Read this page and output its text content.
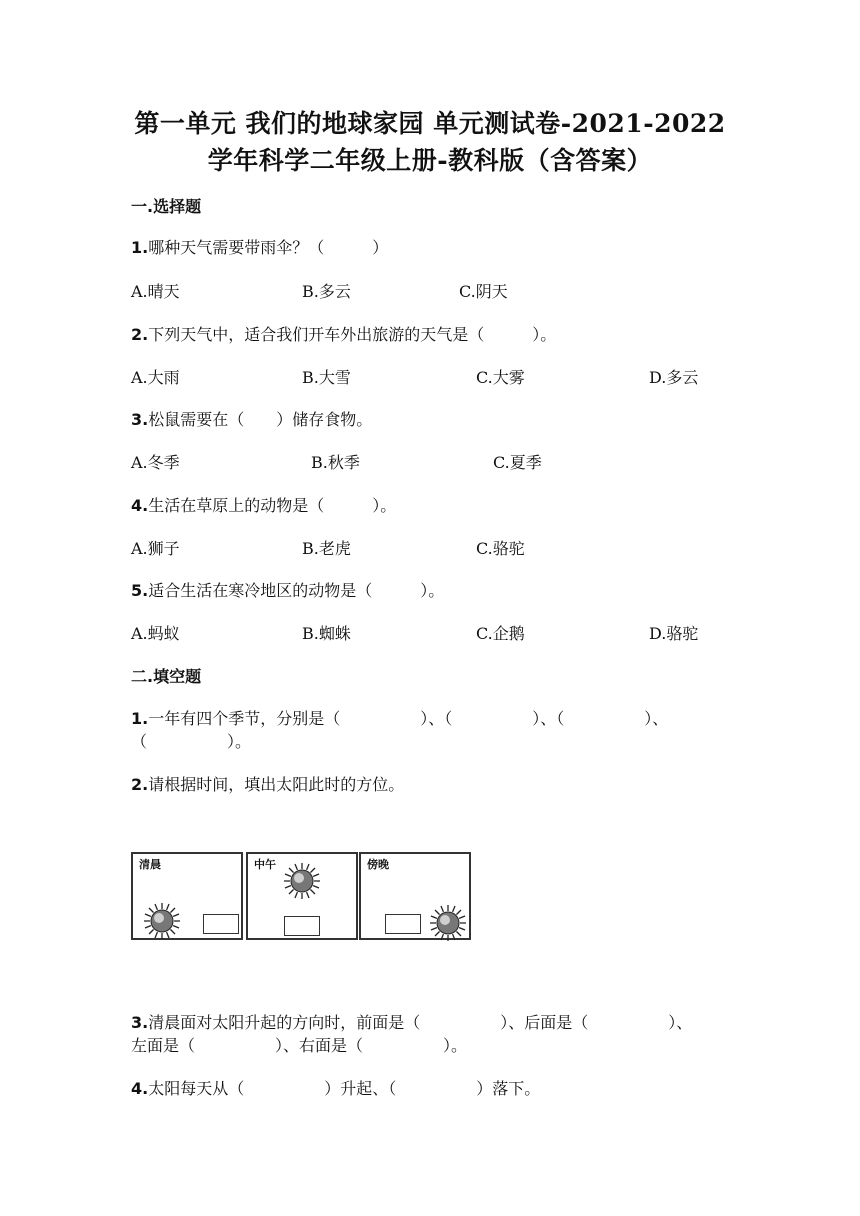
第一单元 我们的地球家园 单元测试卷-2021-2022
学年科学二年级上册-教科版（含答案）
一.选择题
1.哪种天气需要带雨伞？（　　　）
A.晴天	B.多云	C.阴天
2.下列天气中，适合我们开车外出旅游的天气是（　　　）。
A.大雨	B.大雪	C.大雾	D.多云
3.松鼠需要在（　　）储存食物。
A.冬季	B.秋季	C.夏季
4.生活在草原上的动物是（　　　）。
A.狮子	B.老虎	C.骆驼
5.适合生活在寒冷地区的动物是（　　　）。
A.蚂蚁	B.蜘蛛	C.企鹅	D.骆驼
二.填空题
1.一年有四个季节，分别是（　　　　　）、（　　　　　）、（　　　　　）、
（　　　　　）。
2.请根据时间，填出太阳此时的方位。
清晨	中午	傍晚
3.清晨面对太阳升起的方向时，前面是（　　　　　）、后面是（　　　　　）、
左面是（　　　　　）、右面是（　　　　　）。
4.太阳每天从（　　　　　）升起、（　　　　　）落下。
